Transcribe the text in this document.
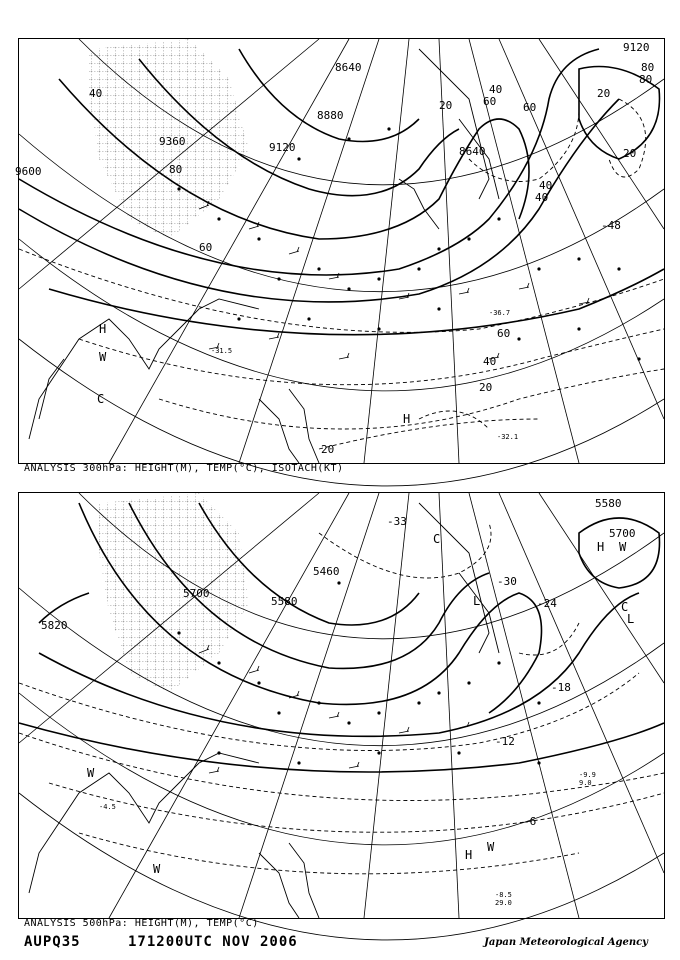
9120
9600
9360
8880
8640
8640
9120
40
60
80
60 60
40
20
40
40
60
40
20
20
20
80
80
20
-48
-36.7
-31.5
-32.1
H
W
C
H
ANALYSIS 300hPa: HEIGHT(M), TEMP(°C), ISOTACH(KT)
5700
5580
5820
5460
5580
5700
-30
-24
-18
-12
-6
-33
C
L
H W
C
L
W
H
W
W
-8.5
29.0
-9.9
9.0
-4.5
ANALYSIS 500hPa: HEIGHT(M), TEMP(°C)
AUPQ35	171200UTC NOV 2006	Japan Meteorological Agency
